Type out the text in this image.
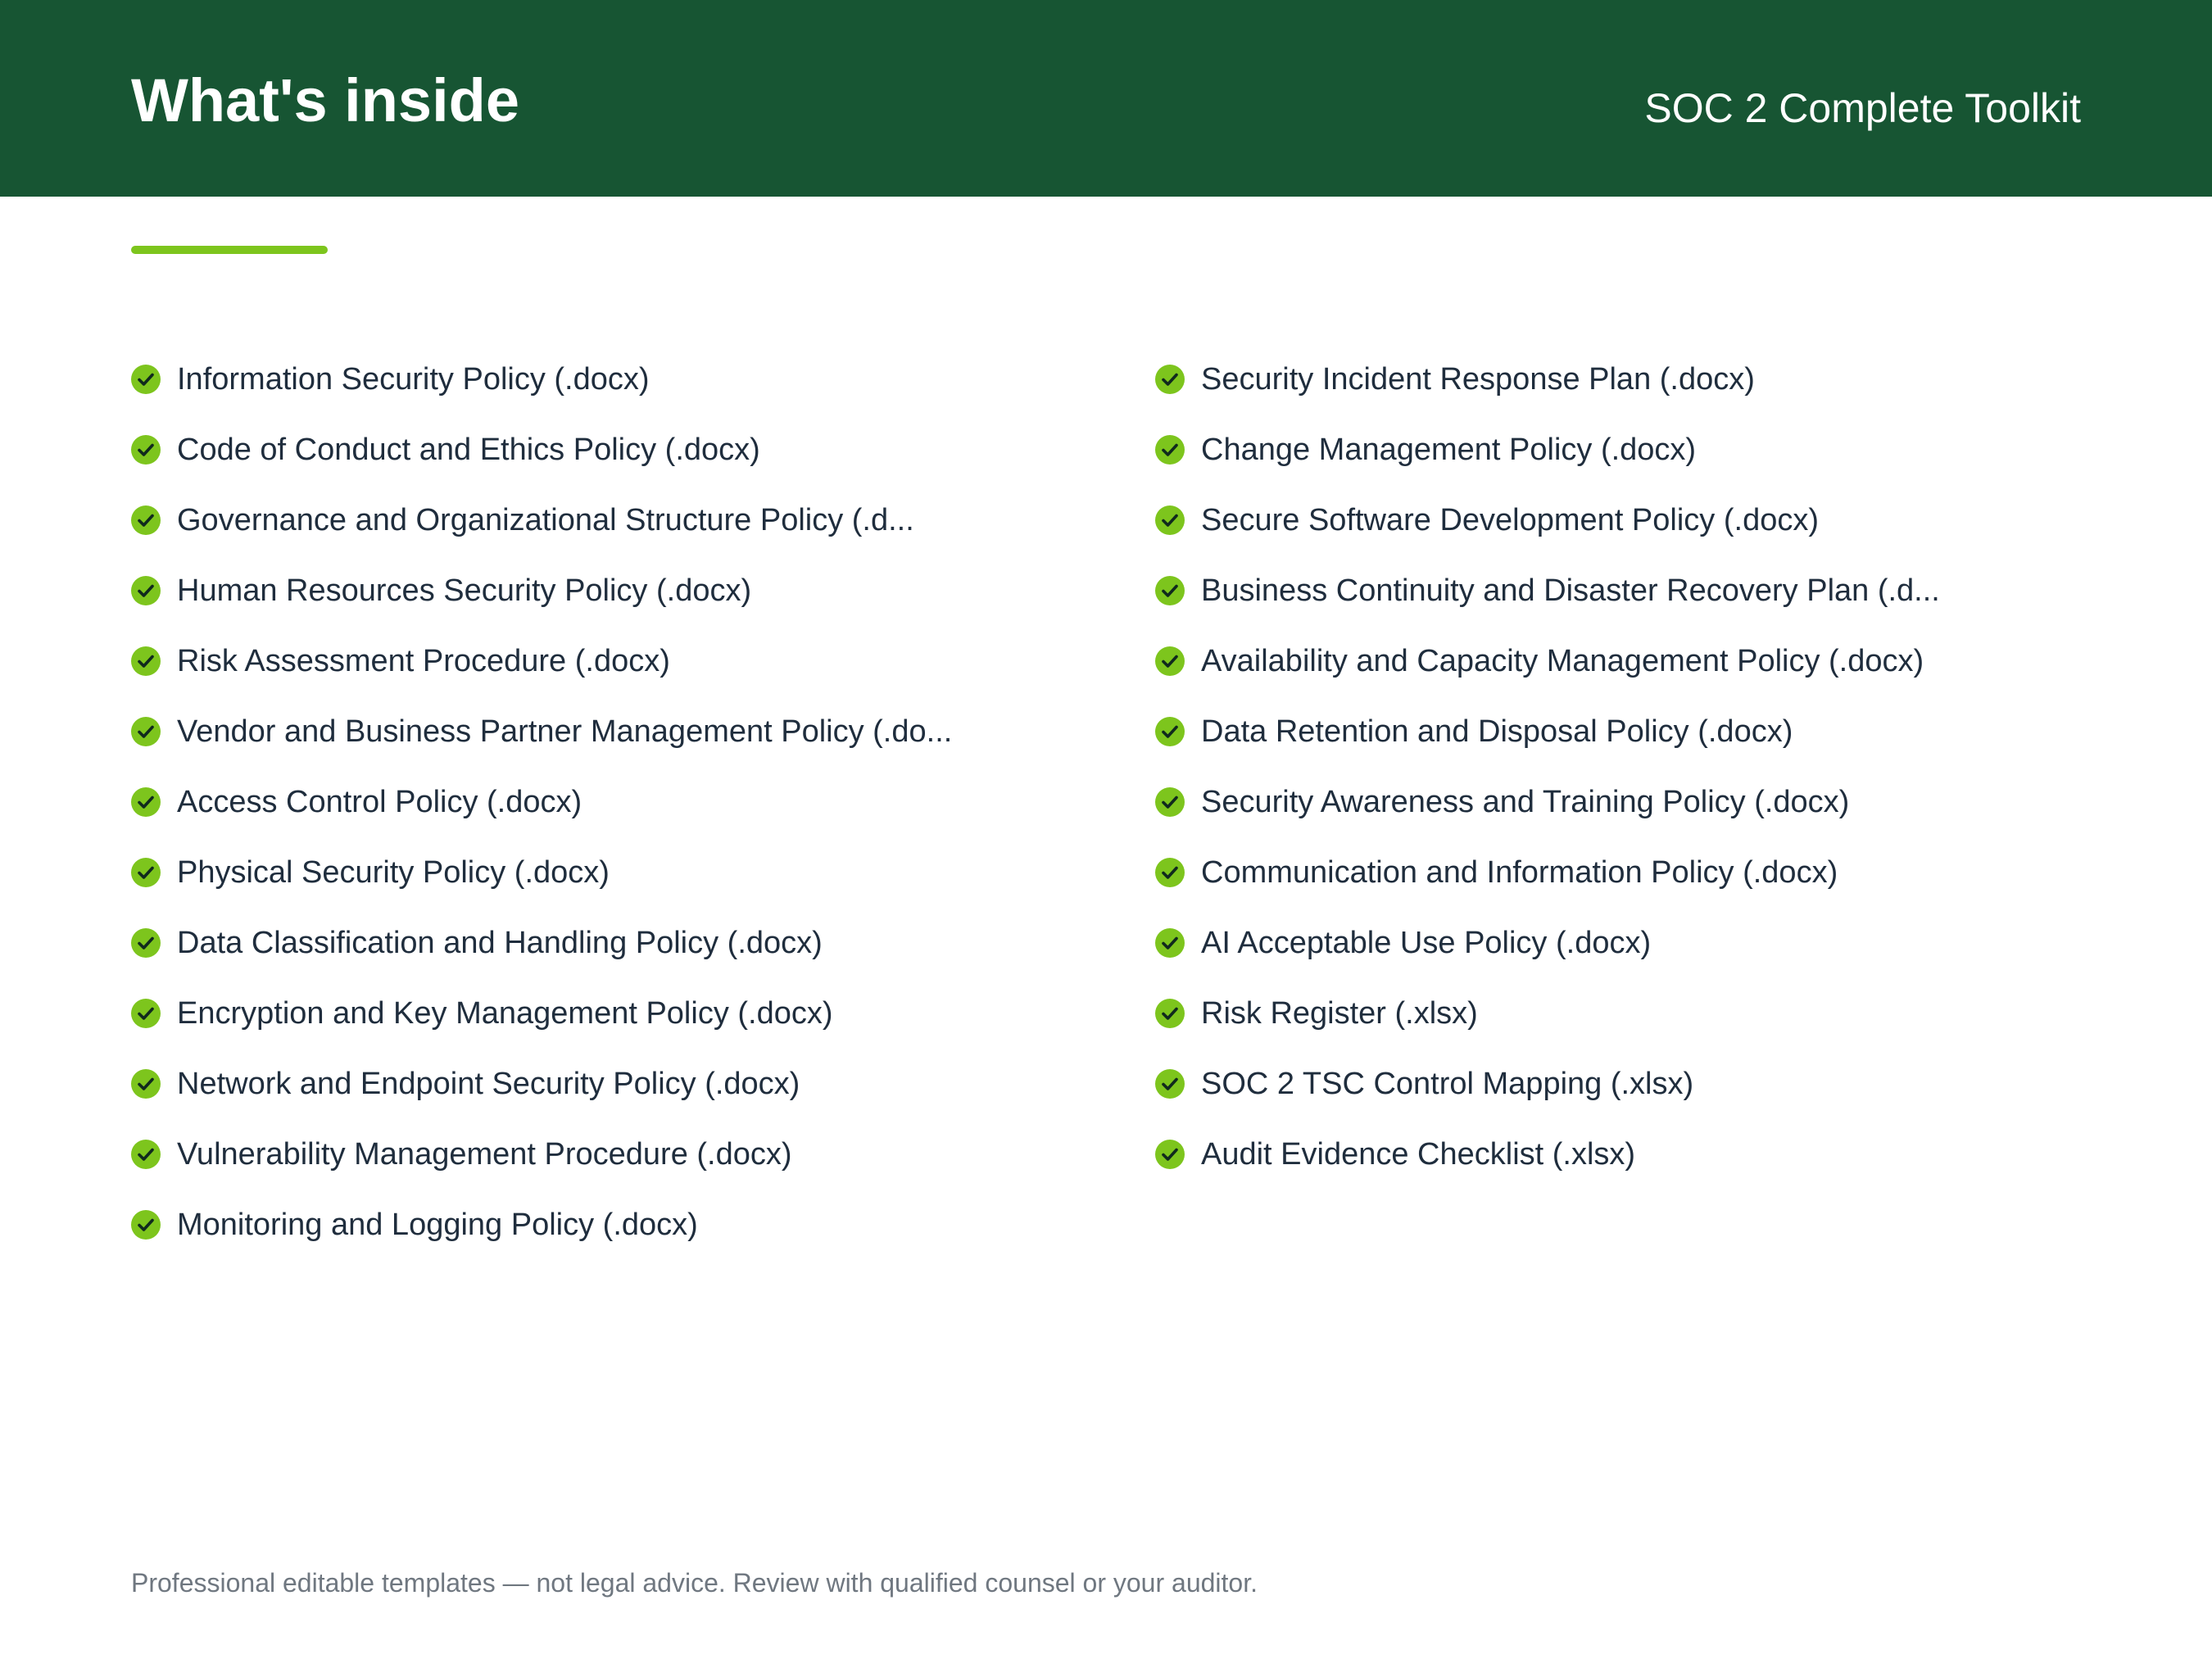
What's inside	SOC 2 Complete Toolkit
Information Security Policy (.docx)
Code of Conduct and Ethics Policy (.docx)
Governance and Organizational Structure Policy (.d...
Human Resources Security Policy (.docx)
Risk Assessment Procedure (.docx)
Vendor and Business Partner Management Policy (.do...
Access Control Policy (.docx)
Physical Security Policy (.docx)
Data Classification and Handling Policy (.docx)
Encryption and Key Management Policy (.docx)
Network and Endpoint Security Policy (.docx)
Vulnerability Management Procedure (.docx)
Monitoring and Logging Policy (.docx)
Security Incident Response Plan (.docx)
Change Management Policy (.docx)
Secure Software Development Policy (.docx)
Business Continuity and Disaster Recovery Plan (.d...
Availability and Capacity Management Policy (.docx)
Data Retention and Disposal Policy (.docx)
Security Awareness and Training Policy (.docx)
Communication and Information Policy (.docx)
AI Acceptable Use Policy (.docx)
Risk Register (.xlsx)
SOC 2 TSC Control Mapping (.xlsx)
Audit Evidence Checklist (.xlsx)
Professional editable templates — not legal advice. Review with qualified counsel or your auditor.
